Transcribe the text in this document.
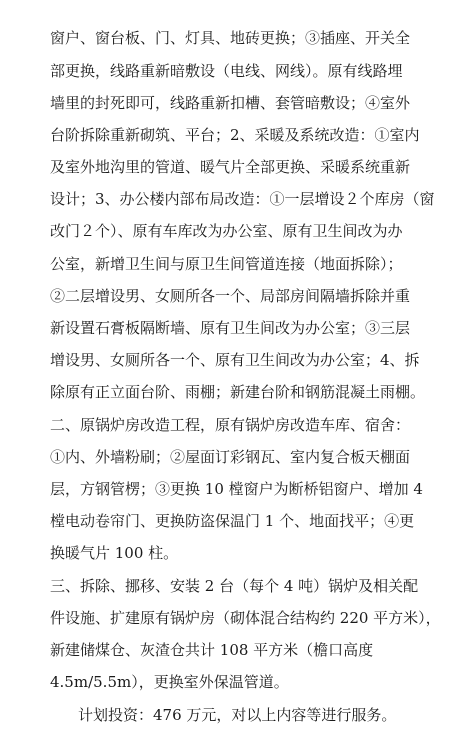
窗户、窗台板、门、灯具、地砖更换；③插座、开关全
部更换，线路重新暗敷设（电线、网线）。原有线路埋
墙里的封死即可，线路重新扣槽、套管暗敷设；④室外
台阶拆除重新砌筑、平台；2、采暖及系统改造：①室内
及室外地沟里的管道、暖气片全部更换、采暖系统重新
设计；3、办公楼内部布局改造：①一层增设２个库房（窗
改门２个）、原有车库改为办公室、原有卫生间改为办
公室，新增卫生间与原卫生间管道连接（地面拆除）；
②二层增设男、女厕所各一个、局部房间隔墙拆除并重
新设置石膏板隔断墙、原有卫生间改为办公室；③三层
增设男、女厕所各一个、原有卫生间改为办公室；4、拆
除原有正立面台阶、雨棚；新建台阶和钢筋混凝土雨棚。
二、原锅炉房改造工程，原有锅炉房改造车库、宿舍：
①内、外墙粉刷；②屋面订彩钢瓦、室内复合板天棚面
层，方钢管楞；③更换 10 樘窗户为断桥铝窗户、增加 4
樘电动卷帘门、更换防盗保温门 1 个、地面找平；④更
换暖气片 100 柱。
三、拆除、挪移、安装 2 台（每个 4 吨）锅炉及相关配
件设施、扩建原有锅炉房（砌体混合结构约 220 平方米），
新建储煤仓、灰渣仓共计 108 平方米（檐口高度
4.5m/5.5m），更换室外保温管道。
计划投资：476 万元，对以上内容等进行服务。
